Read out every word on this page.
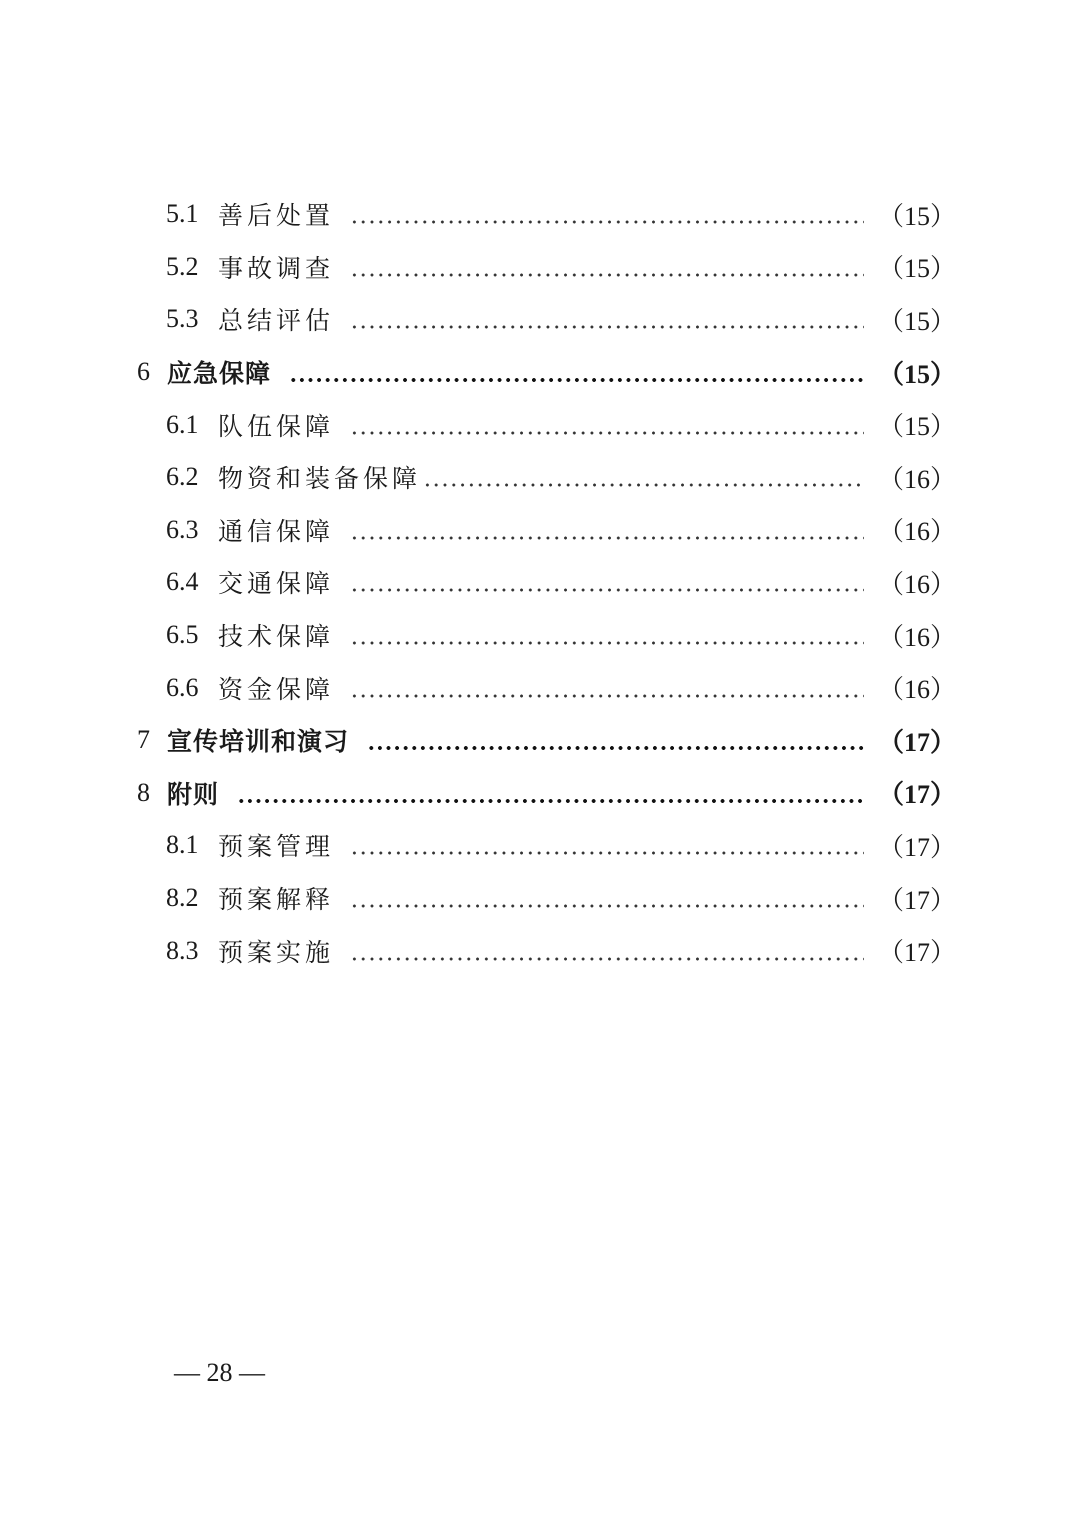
5.1 善后处置	（15）
5.2 事故调查	（15）
5.3 总结评估	（15）
6 应急保障	（15）
6.1 队伍保障	（15）
6.2 物资和装备保障	（16）
6.3 通信保障	（16）
6.4 交通保障	（16）
6.5 技术保障	（16）
6.6 资金保障	（16）
7 宣传培训和演习	（17）
8 附则	（17）
8.1 预案管理	（17）
8.2 预案解释	（17）
8.3 预案实施	（17）
— 28 —
